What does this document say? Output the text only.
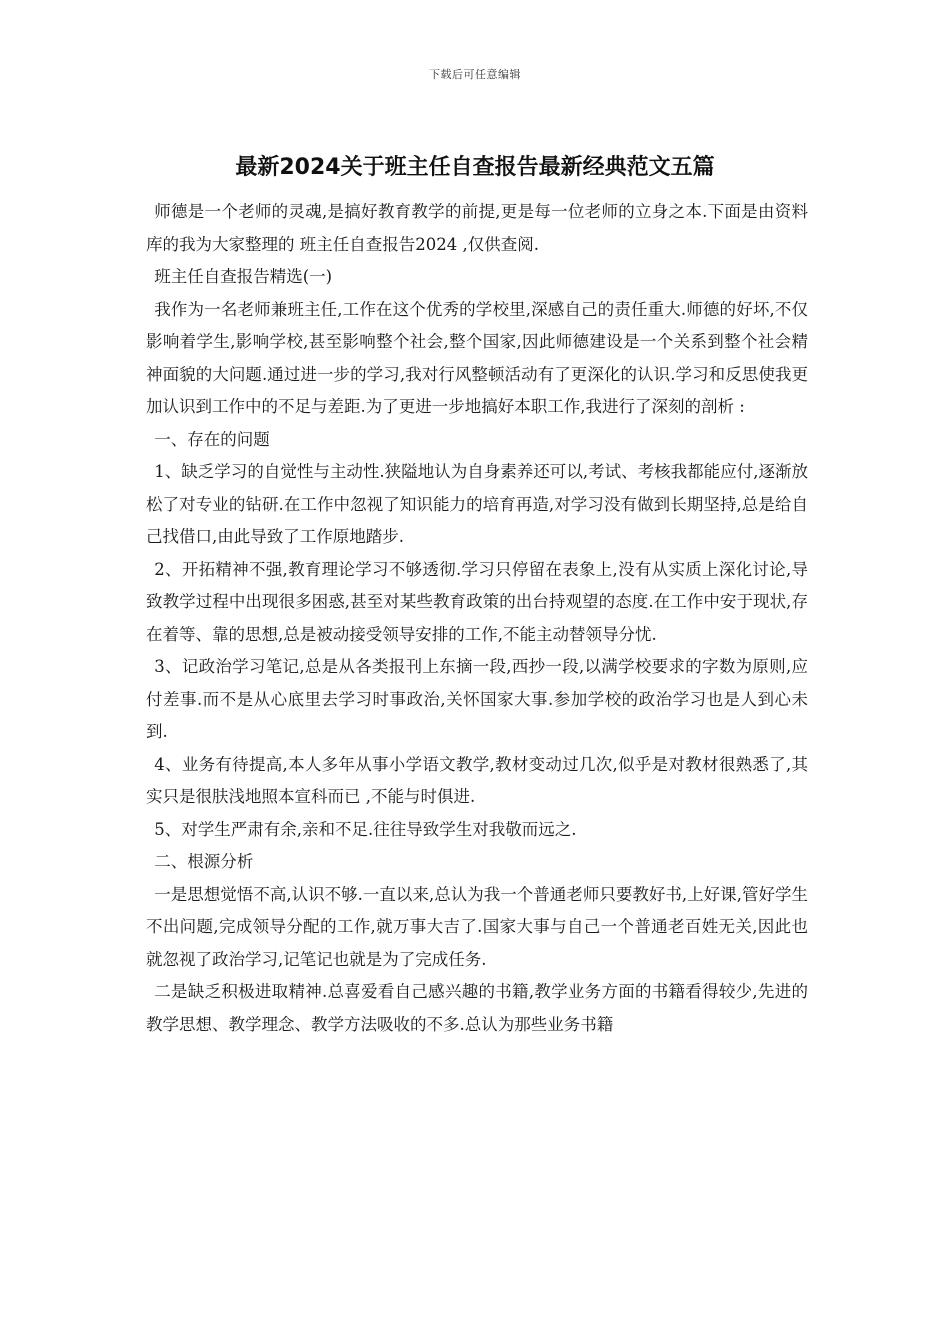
下载后可任意编辑
最新2024关于班主任自查报告最新经典范文五篇

师德是一个老师的灵魂,是搞好教育教学的前提,更是每一位老师的立身之本.下面是由资料库的我为大家整理的 班主任自查报告2024 ,仅供查阅.

班主任自查报告精选(一)

我作为一名老师兼班主任,工作在这个优秀的学校里,深感自己的责任重大.师德的好坏,不仅影响着学生,影响学校,甚至影响整个社会,整个国家,因此师德建设是一个关系到整个社会精神面貌的大问题.通过进一步的学习,我对行风整顿活动有了更深化的认识.学习和反思使我更加认识到工作中的不足与差距.为了更进一步地搞好本职工作,我进行了深刻的剖析 :

一、存在的问题

1、缺乏学习的自觉性与主动性.狭隘地认为自身素养还可以,考试、考核我都能应付,逐渐放松了对专业的钻研.在工作中忽视了知识能力的培育再造,对学习没有做到长期坚持,总是给自己找借口,由此导致了工作原地踏步.

2、开拓精神不强,教育理论学习不够透彻.学习只停留在表象上,没有从实质上深化讨论,导致教学过程中出现很多困惑,甚至对某些教育政策的出台持观望的态度.在工作中安于现状,存在着等、靠的思想,总是被动接受领导安排的工作,不能主动替领导分忧.

3、记政治学习笔记,总是从各类报刊上东摘一段,西抄一段,以满学校要求的字数为原则,应付差事.而不是从心底里去学习时事政治,关怀国家大事.参加学校的政治学习也是人到心未到.

4、业务有待提高,本人多年从事小学语文教学,教材变动过几次,似乎是对教材很熟悉了,其实只是很肤浅地照本宣科而已 ,不能与时俱进.

5、对学生严肃有余,亲和不足.往往导致学生对我敬而远之.

二、根源分析

一是思想觉悟不高,认识不够.一直以来,总认为我一个普通老师只要教好书,上好课,管好学生不出问题,完成领导分配的工作,就万事大吉了.国家大事与自己一个普通老百姓无关,因此也就忽视了政治学习,记笔记也就是为了完成任务.

二是缺乏积极进取精神.总喜爱看自己感兴趣的书籍,教学业务方面的书籍看得较少,先进的教学思想、教学理念、教学方法吸收的不多.总认为那些业务书籍
